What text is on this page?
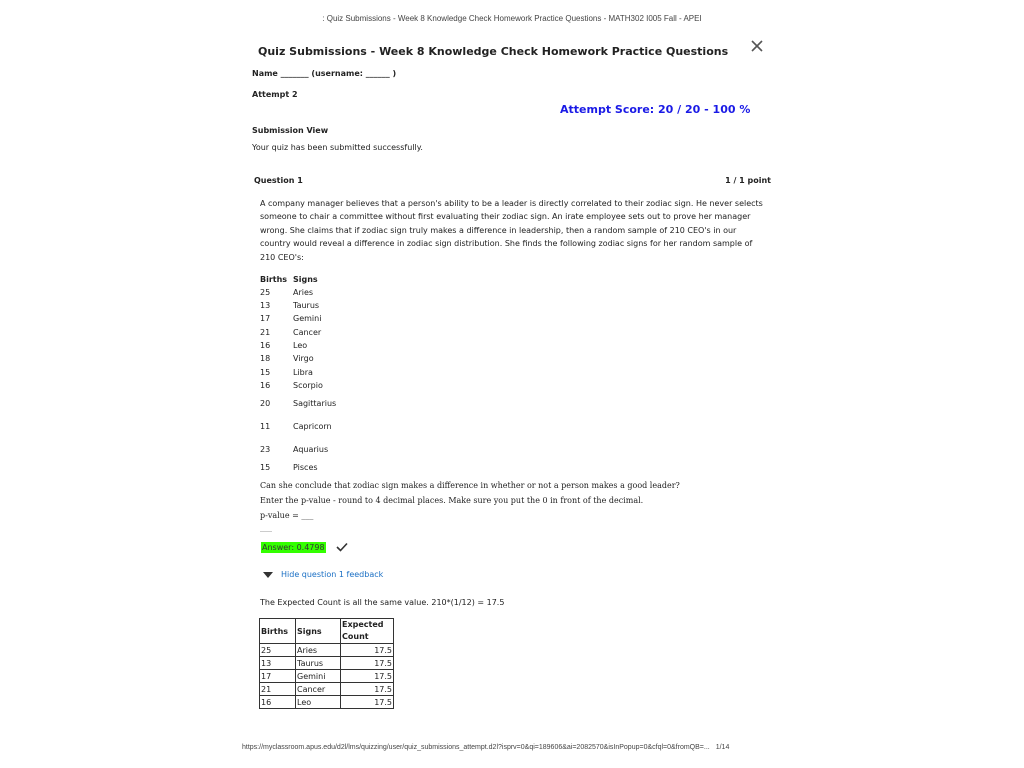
: Quiz Submissions - Week 8 Knowledge Check Homework Practice Questions - MATH302 I005 Fall - APEI
Quiz Submissions - Week 8 Knowledge Check Homework Practice Questions
Name _______ (username: ______ )
Attempt 2
Attempt Score: 20 / 20 - 100 %
Submission View
Your quiz has been submitted successfully.
Question 1	1 / 1 point
A company manager believes that a person's ability to be a leader is directly correlated to their zodiac sign. He never selects someone to chair a committee without first evaluating their zodiac sign. An irate employee sets out to prove her manager wrong. She claims that if zodiac sign truly makes a difference in leadership, then a random sample of 210 CEO's in our country would reveal a difference in zodiac sign distribution. She finds the following zodiac signs for her random sample of 210 CEO's:
Births Signs
25	Aries
13	Taurus
17	Gemini
21	Cancer
16	Leo
18	Virgo
15	Libra
16	Scorpio
20	Sagittarius
11	Capricorn
23	Aquarius
15	Pisces
Can she conclude that zodiac sign makes a difference in whether or not a person makes a good leader?
Enter the p-value - round to 4 decimal places. Make sure you put the 0 in front of the decimal.
p-value = ___
___
Answer: 0.4798
Hide question 1 feedback
The Expected Count is all the same value. 210*(1/12) = 17.5
Births	Signs	Expected Count
25	Aries	17.5
13	Taurus	17.5
17	Gemini	17.5
21	Cancer	17.5
16	Leo	17.5
https://myclassroom.apus.edu/d2l/lms/quizzing/user/quiz_submissions_attempt.d2l?isprv=0&qi=189606&ai=2082570&isInPopup=0&cfql=0&fromQB=... 1/14
